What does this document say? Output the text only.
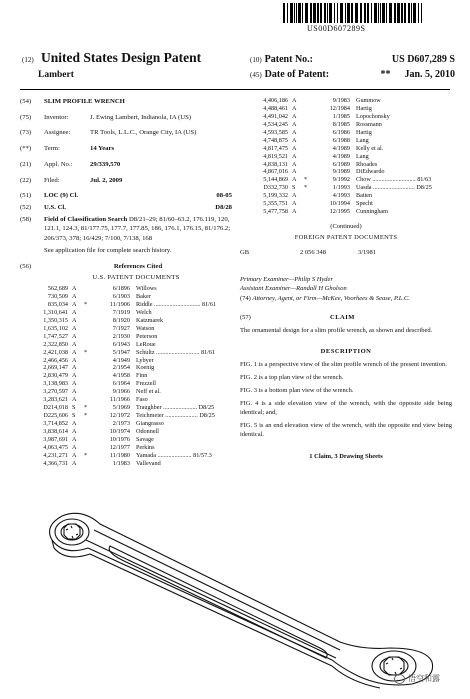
US00D607289S
(12) United States Design Patent
Lambert
(10) Patent No.:	US D607,289 S
(45) Date of Patent:	** Jan. 5, 2010
(54)	SLIM PROFILE WRENCH
(75)	Inventor:	J. Ewing Lambert, Indianola, IA (US)
(73)	Assignee:	TR Tools, L.L.C., Orange City, IA (US)
(**)	Term:	14 Years
(21)	Appl. No.:	29/339,570
(22)	Filed:	Jul. 2, 2009
(51)	LOC (9) Cl.	08-05
(52)	U.S. Cl.	D8/28
(58)	Field of Classification Search D8/21–29; 81/60–63.2, 176.119, 120, 121.1, 124.3, 81/177.75, 177.7, 177.85, 186, 176.1, 176.15, 81/176.2; 206/373, 378; 16/429; 7/100, 7/138, 168
See application file for complete search history.
(56)	References Cited
U.S. PATENT DOCUMENTS
562,689 A	6/1896 Willows
730,509 A	6/1903 Baker
835,034 A	*	11/1906 Riddle .............................. 81/61
1,310,641 A	7/1919 Welch
1,350,315 A	8/1920 Katzmarek
1,635,102 A	7/1927 Watson
1,747,527 A	2/1930 Peterson
2,322,850 A	6/1943 LeRoue
2,421,038 A	*	5/1947 Schultz ............................ 81/61
2,466,456 A	4/1949 Lybyer
2,669,147 A	2/1954 Koenig
2,830,479 A	4/1958 Finn
3,138,983 A	6/1964 Frezzell
3,270,597 A	9/1966 Neff et al.
3,283,621 A	11/1966 Faso
D214,018 S	*	5/1969 Traughber ...................... D8/25
D225,606 S	*	12/1972 Teichmeier ..................... D8/25
3,714,852 A	2/1973 Giangrasso
3,838,614 A	10/1974 Odonnell
3,987,691 A	10/1976 Savage
4,063,475 A	12/1977 Perkins
4,231,271 A	*	11/1980 Yamada ...................... 81/57.3
4,366,731 A	1/1983 Vallevand
4,406,186 A	9/1983 Gummow
4,488,461 A	12/1984 Hartig
4,491,042 A	1/1985 Lopochonsky
4,534,245 A	8/1985 Rossmann
4,593,585 A	6/1986 Hartig
4,748,875 A	6/1988 Lang
4,817,475 A	4/1989 Kelly et al.
4,819,521 A	4/1989 Lang
4,838,131 A	6/1989 Rhoades
4,867,016 A	9/1989 DiEdwardo
5,144,869 A	*	9/1992 Chow ............................ 81/63
D332,730 S	*	1/1993 Uasda ........................... D8/25
5,199,332 A	4/1993 Batten
5,355,751 A	10/1994 Specht
5,477,758 A	12/1995 Cunningham
(Continued)
FOREIGN PATENT DOCUMENTS
GB	2 056 348	3/1981
Primary Examiner—Philip S Hyder
Assistant Examiner—Randall H Gholson
(74) Attorney, Agent, or Firm—McKee, Voorhees & Sease, P.L.C.
(57)	CLAIM
The ornamental design for a slim profile wrench, as shown and described.
DESCRIPTION

FIG. 1 is a perspective view of the slim profile wrench of the present invention.

FIG. 2 is a top plan view of the wrench.

FIG. 3 is a bottom plan view of the wrench.

FIG. 4 is a side elevation view of the wrench, with the opposite side being identical; and,

FIG. 5 is an end elevation view of the wrench, with the opposite end view being identical.

1 Claim, 3 Drawing Sheets
悟空和露
